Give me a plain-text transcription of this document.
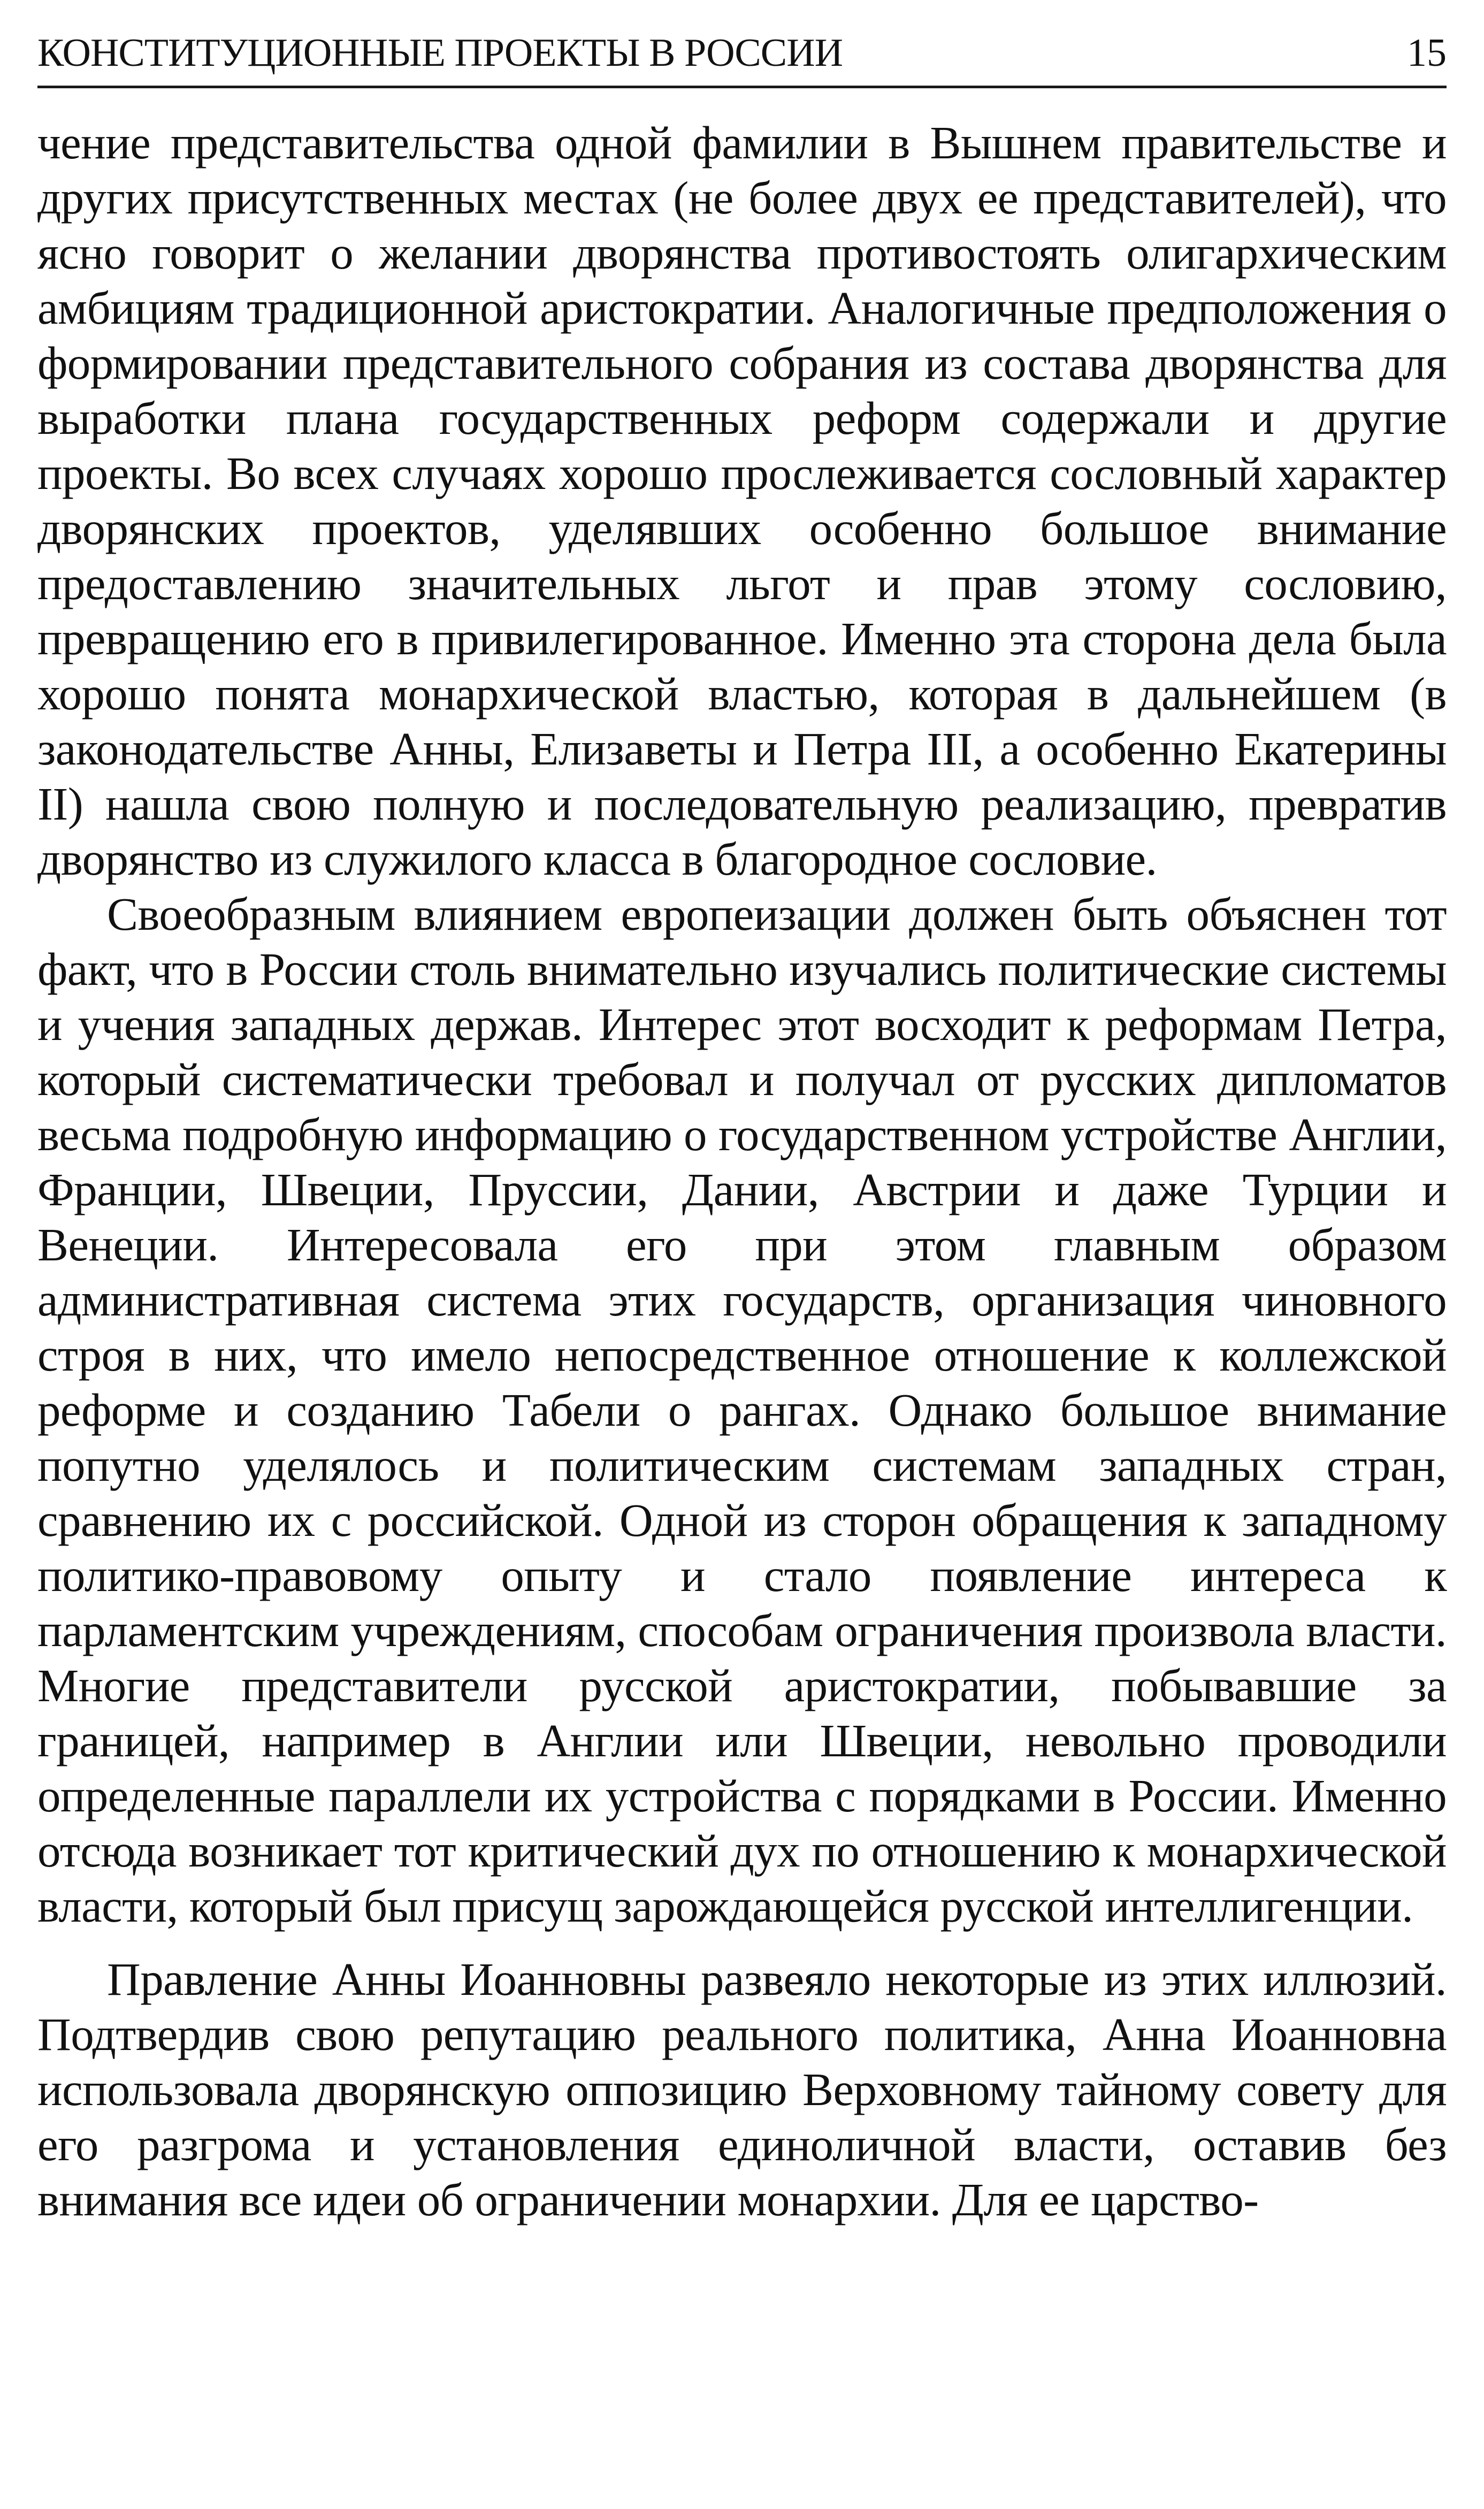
КОНСТИТУЦИОННЫЕ ПРОЕКТЫ В РОССИИ	15

чение представительства одной фамилии в Вышнем правительстве и других присутственных местах (не более двух ее представителей), что ясно говорит о желании дворянства противостоять олигархическим амбициям традиционной аристократии. Аналогичные предположения о формировании представительного собрания из состава дворянства для выработки плана государственных реформ содержали и другие проекты. Во всех случаях хорошо прослеживается сословный характер дворянских проектов, уделявших особенно большое внимание предоставлению значительных льгот и прав этому сословию, превращению его в привилегированное. Именно эта сторона дела была хорошо понята монархической властью, которая в дальнейшем (в законодательстве Анны, Елизаветы и Петра III, а особенно Екатерины II) нашла свою полную и последовательную реализацию, превратив дворянство из служилого класса в благородное сословие.

Своеобразным влиянием европеизации должен быть объяснен тот факт, что в России столь внимательно изучались политические системы и учения западных держав. Интерес этот восходит к реформам Петра, который систематически требовал и получал от русских дипломатов весьма подробную информацию о государственном устройстве Англии, Франции, Швеции, Пруссии, Дании, Австрии и даже Турции и Венеции. Интересовала его при этом главным образом административная система этих государств, организация чиновного строя в них, что имело непосредственное отношение к коллежской реформе и созданию Табели о рангах. Однако большое внимание попутно уделялось и политическим системам западных стран, сравнению их с российской. Одной из сторон обращения к западному политико-правовому опыту и стало появление интереса к парламентским учреждениям, способам ограничения произвола власти. Многие представители русской аристократии, побывавшие за границей, например в Англии или Швеции, невольно проводили определенные параллели их устройства с порядками в России. Именно отсюда возникает тот критический дух по отношению к монархической власти, который был присущ зарождающейся русской интеллигенции.

Правление Анны Иоанновны развеяло некоторые из этих иллюзий. Подтвердив свою репутацию реального политика, Анна Иоанновна использовала дворянскую оппозицию Верховному тайному совету для его разгрома и установления единоличной власти, оставив без внимания все идеи об ограничении монархии. Для ее царство-
